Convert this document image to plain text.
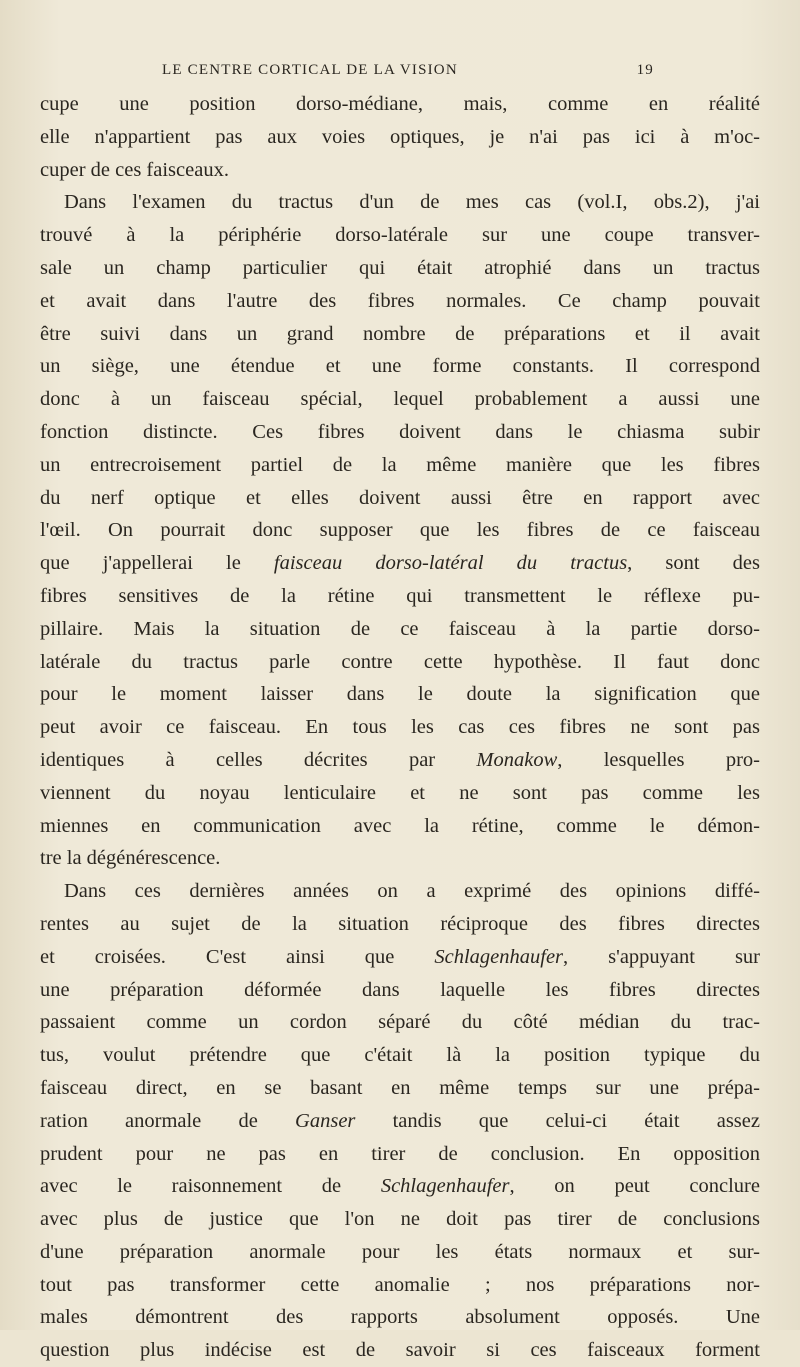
LE CENTRE CORTICAL DE LA VISION	19
cupe une position dorso-médiane, mais, comme en réalité
elle n'appartient pas aux voies optiques, je n'ai pas ici à m'oc-
cuper de ces faisceaux.
Dans l'examen du tractus d'un de mes cas (vol.I, obs.2), j'ai
trouvé à la périphérie dorso-latérale sur une coupe transver-
sale un champ particulier qui était atrophié dans un tractus
et avait dans l'autre des fibres normales. Ce champ pouvait
être suivi dans un grand nombre de préparations et il avait
un siège, une étendue et une forme constants. Il correspond
donc à un faisceau spécial, lequel probablement a aussi une
fonction distincte. Ces fibres doivent dans le chiasma subir
un entrecroisement partiel de la même manière que les fibres
du nerf optique et elles doivent aussi être en rapport avec
l'œil. On pourrait donc supposer que les fibres de ce faisceau
que j'appellerai le faisceau dorso-latéral du tractus, sont des
fibres sensitives de la rétine qui transmettent le réflexe pu-
pillaire. Mais la situation de ce faisceau à la partie dorso-
latérale du tractus parle contre cette hypothèse. Il faut donc
pour le moment laisser dans le doute la signification que
peut avoir ce faisceau. En tous les cas ces fibres ne sont pas
identiques à celles décrites par Monakow, lesquelles pro-
viennent du noyau lenticulaire et ne sont pas comme les
miennes en communication avec la rétine, comme le démon-
tre la dégénérescence.
Dans ces dernières années on a exprimé des opinions diffé-
rentes au sujet de la situation réciproque des fibres directes
et croisées. C'est ainsi que Schlagenhaufer, s'appuyant sur
une préparation déformée dans laquelle les fibres directes
passaient comme un cordon séparé du côté médian du trac-
tus, voulut prétendre que c'était là la position typique du
faisceau direct, en se basant en même temps sur une prépa-
ration anormale de Ganser tandis que celui-ci était assez
prudent pour ne pas en tirer de conclusion. En opposition
avec le raisonnement de Schlagenhaufer, on peut conclure
avec plus de justice que l'on ne doit pas tirer de conclusions
d'une préparation anormale pour les états normaux et sur-
tout pas transformer cette anomalie ; nos préparations nor-
males démontrent des rapports absolument opposés. Une
question plus indécise est de savoir si ces faisceaux forment
